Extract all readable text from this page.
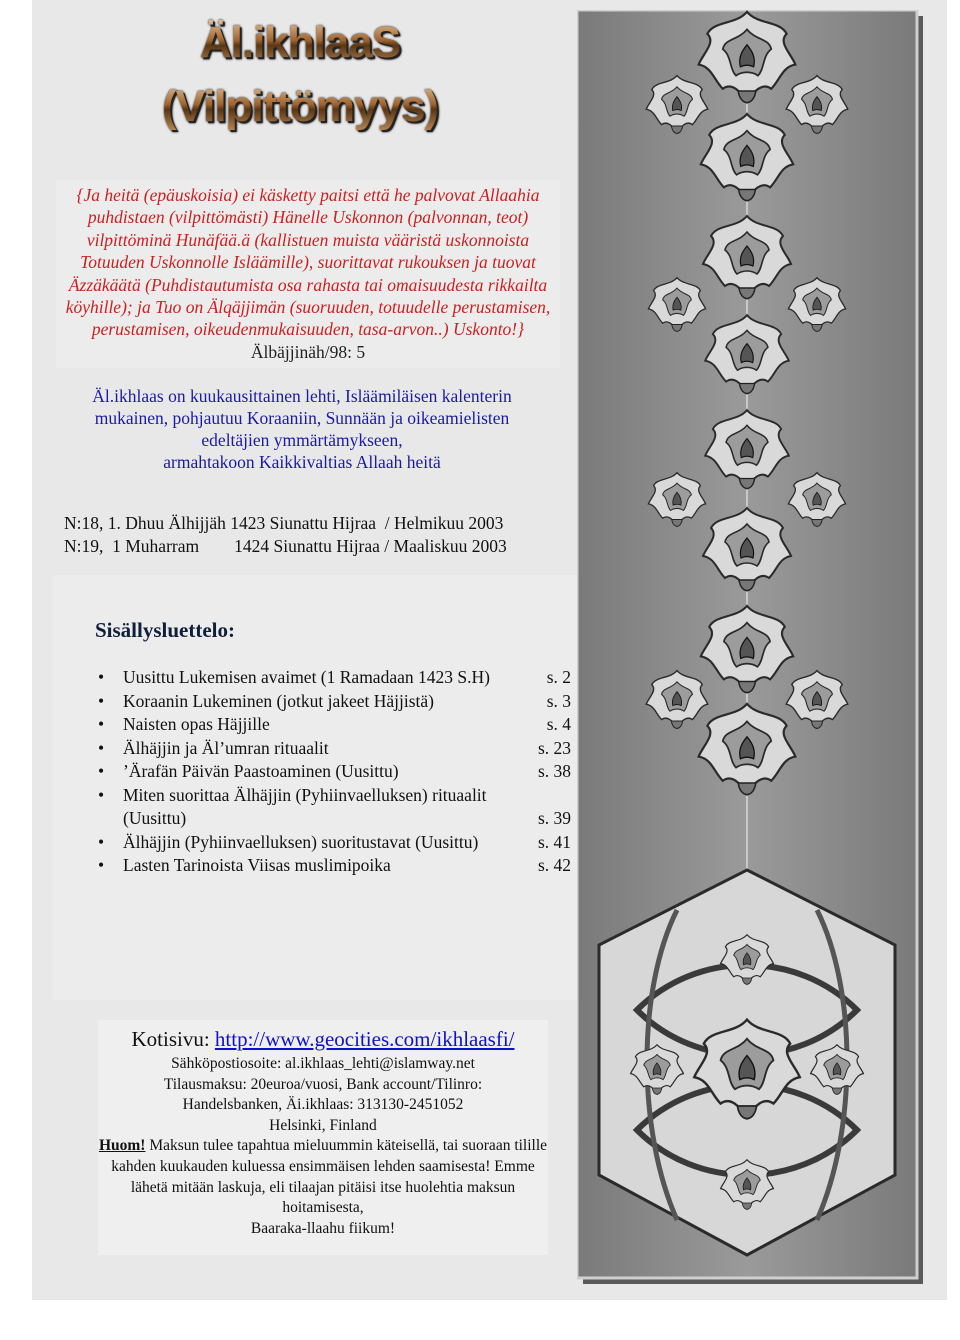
Äl.ikhlaaS
(Vilpittömyys)

{Ja heitä (epäuskoisia) ei käsketty paitsi että he palvovat Allaahia puhdistaen (vilpittömästi) Hänelle Uskonnon (palvonnan, teot) vilpittöminä Hunäfää.ä (kallistuen muista vääristä uskonnoista Totuuden Uskonnolle Isläämille), suorittavat rukouksen ja tuovat Äzzäkäätä (Puhdistautumista osa rahasta tai omaisuudesta rikkailta köyhille); ja Tuo on Älqäjjimän (suoruuden, totuudelle perustamisen, perustamisen, oikeudenmukaisuuden, tasa-arvon..) Uskonto!} Älbäjjinäh/98: 5

Äl.ikhlaas on kuukausittainen lehti, Isläämiläisen kalenterin
mukainen, pohjautuu Koraaniin, Sunnään ja oikeamielisten
edeltäjien ymmärtämykseen,
armahtakoon Kaikkivaltias Allaah heitä

N:18, 1. Dhuu Älhijjäh 1423 Siunattu Hijraa  / Helmikuu 2003
N:19,  1 Muharram        1424 Siunattu Hijraa / Maaliskuu 2003
Sisällysluettelo:
• Uusittu Lukemisen avaimet (1 Ramadaan 1423 S.H)	s. 2
• Koraanin Lukeminen (jotkut jakeet Häjjistä)	s. 3
• Naisten opas Häjjille	s. 4
• Älhäjjin ja Äl’umran rituaalit	s. 23
• ’Ärafän Päivän Paastoaminen (Uusittu)	s. 38
• Miten suorittaa Älhäjjin (Pyhiinvaelluksen) rituaalit (Uusittu)	s. 39
• Älhäjjin (Pyhiinvaelluksen) suoritustavat (Uusittu)	s. 41
• Lasten Tarinoista Viisas muslimipoika	s. 42
Kotisivu: http://www.geocities.com/ikhlaasfi/
Sähköpostiosoite: al.ikhlaas_lehti@islamway.net
Tilausmaksu: 20euroa/vuosi, Bank account/Tilinro:
Handelsbanken, Äi.ikhlaas: 313130-2451052
Helsinki, Finland
Huom! Maksun tulee tapahtua mieluummin käteisellä, tai suoraan tilille kahden kuukauden kuluessa ensimmäisen lehden saamisesta! Emme lähetä mitään laskuja, eli tilaajan pitäisi itse huolehtia maksun hoitamisesta,
Baaraka-llaahu fiikum!
